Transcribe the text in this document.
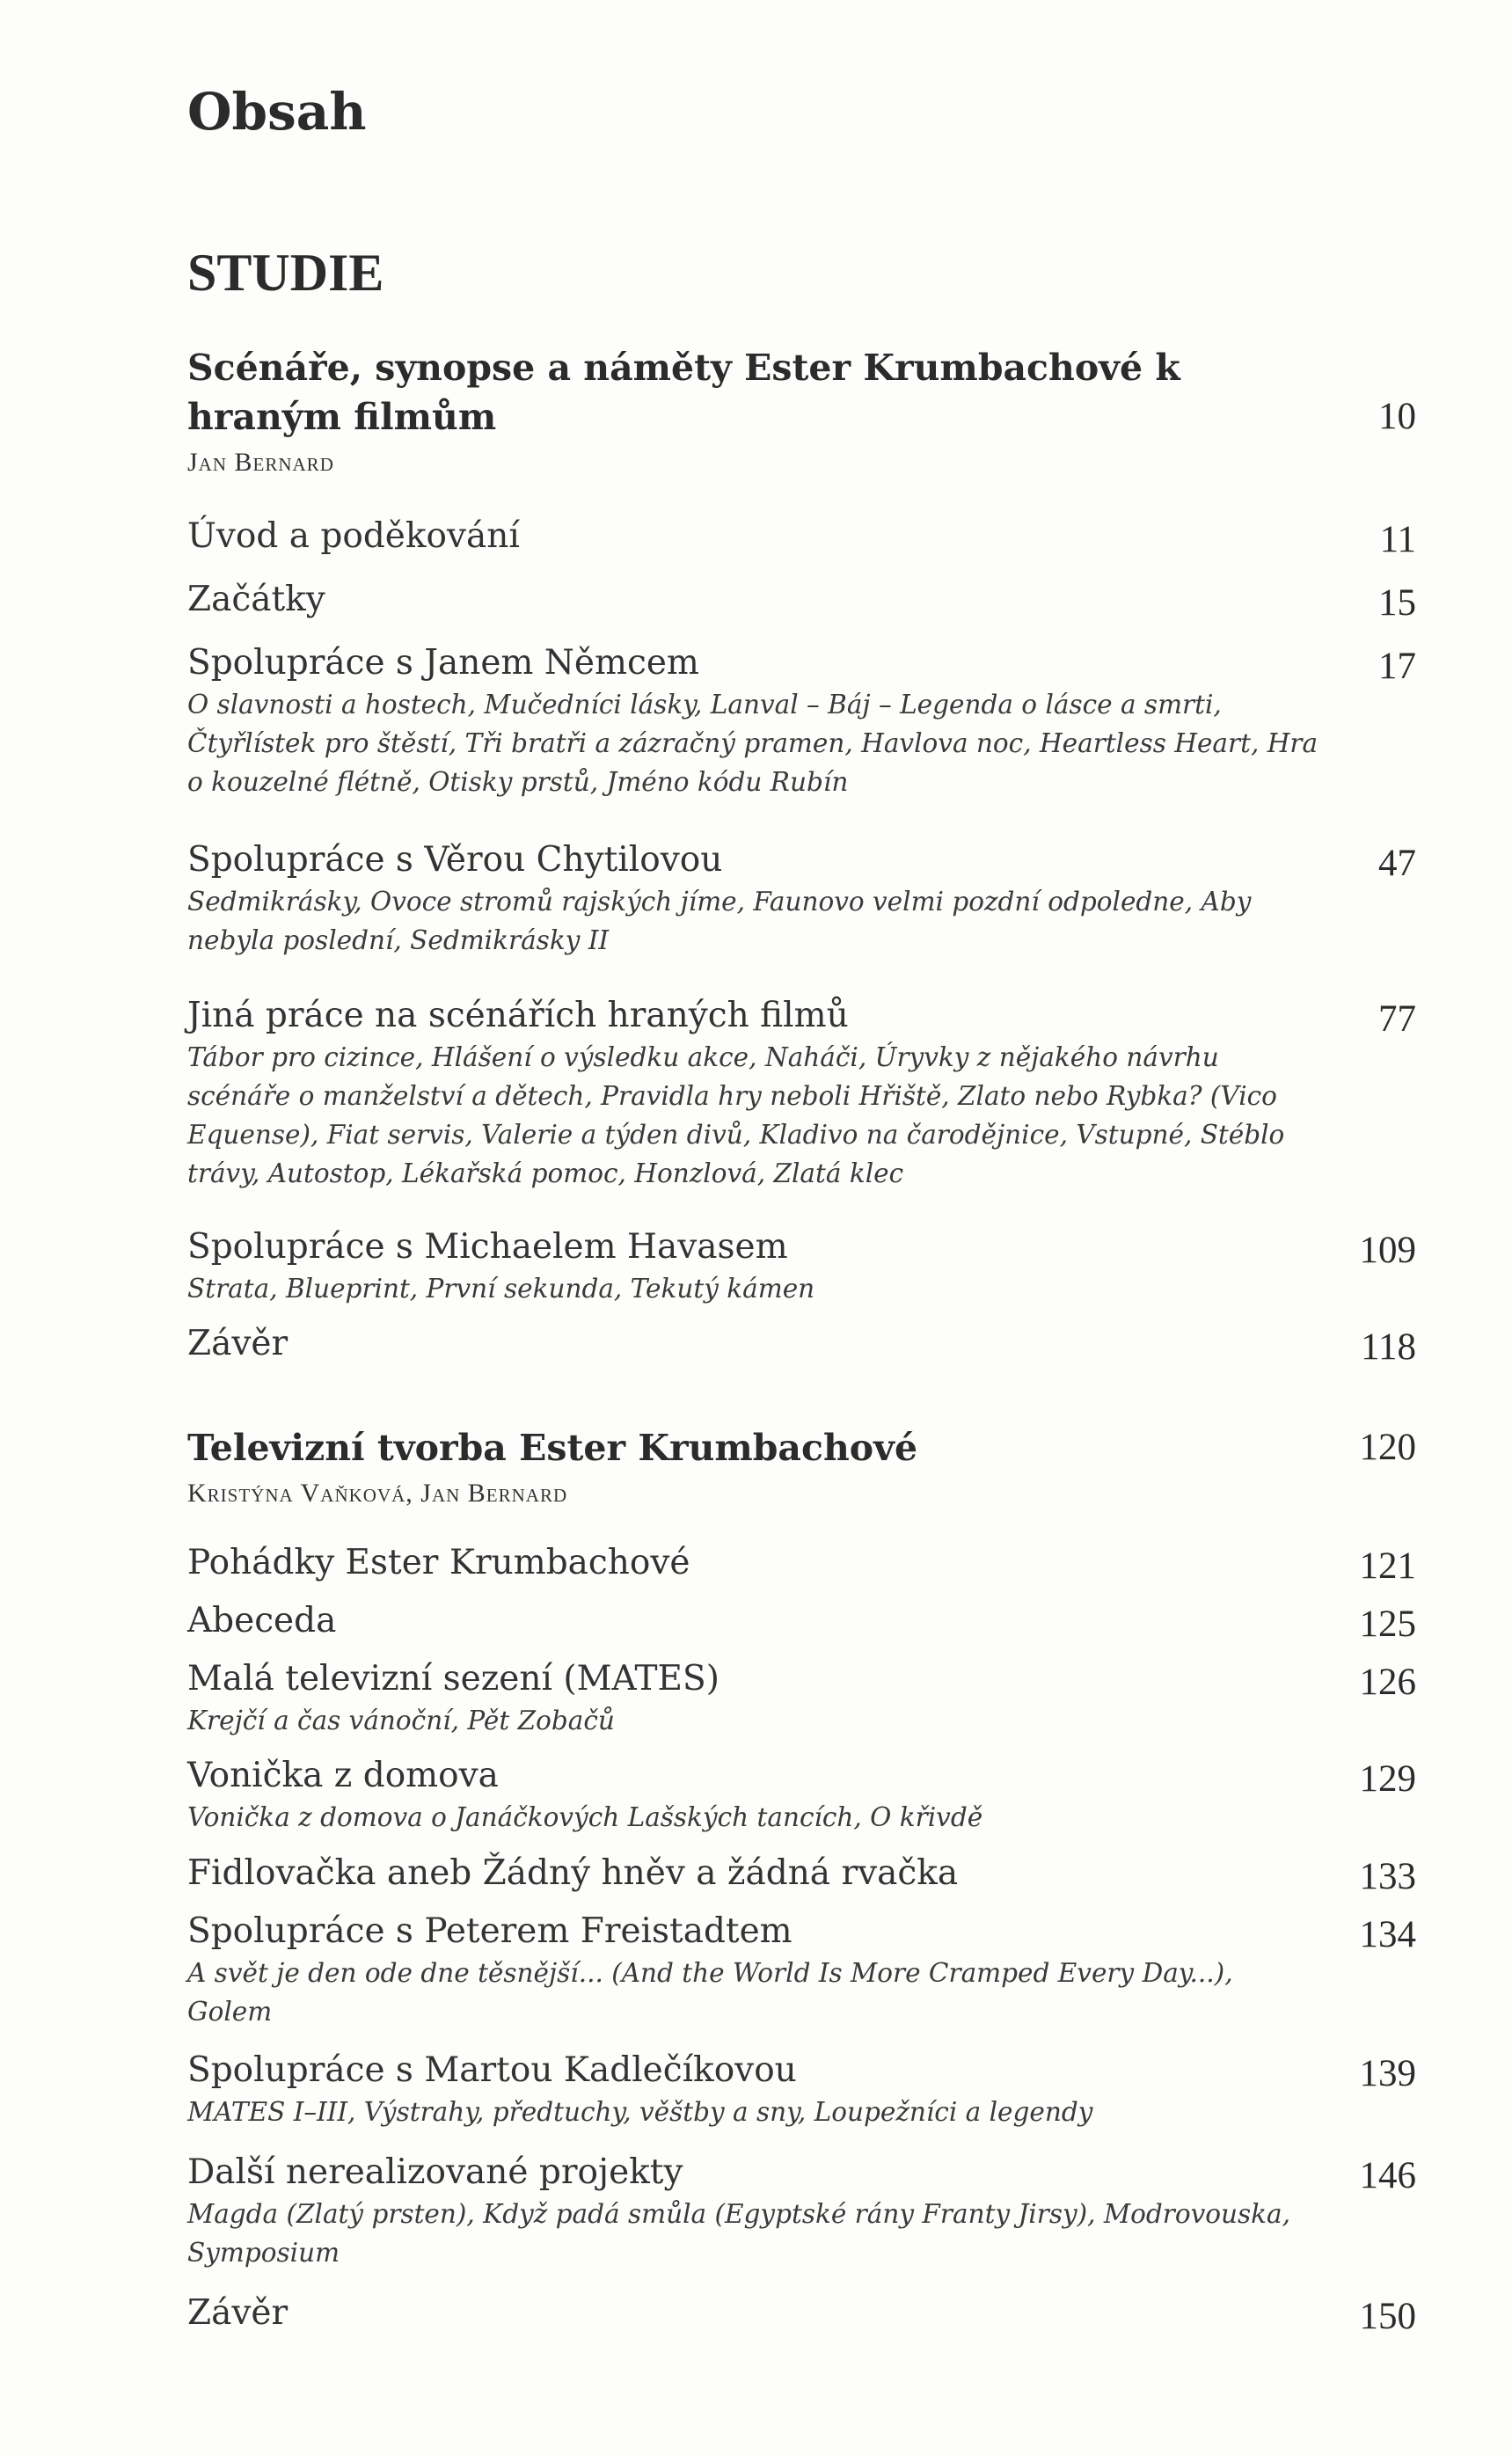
Obsah
STUDIE
Scénáře, synopse a náměty Ester Krumbachové k hraným filmům	10
Jan Bernard
Úvod a poděkování	11
Začátky	15
Spolupráce s Janem Němcem	17
O slavnosti a hostech, Mučedníci lásky, Lanval – Báj – Legenda o lásce a smrti, Čtyřlístek pro štěstí, Tři bratři a zázračný pramen, Havlova noc, Heartless Heart, Hra o kouzelné flétně, Otisky prstů, Jméno kódu Rubín
Spolupráce s Věrou Chytilovou	47
Sedmikrásky, Ovoce stromů rajských jíme, Faunovo velmi pozdní odpoledne, Aby nebyla poslední, Sedmikrásky II
Jiná práce na scénářích hraných filmů	77
Tábor pro cizince, Hlášení o výsledku akce, Naháči, Úryvky z nějakého návrhu scénáře o manželství a dětech, Pravidla hry neboli Hřiště, Zlato nebo Rybka? (Vico Equense), Fiat servis, Valerie a týden divů, Kladivo na čarodějnice, Vstupné, Stéblo trávy, Autostop, Lékařská pomoc, Honzlová, Zlatá klec
Spolupráce s Michaelem Havasem	109
Strata, Blueprint, První sekunda, Tekutý kámen
Závěr	118
Televizní tvorba Ester Krumbachové	120
Kristýna Vaňková, Jan Bernard
Pohádky Ester Krumbachové	121
Abeceda	125
Malá televizní sezení (MATES)	126
Krejčí a čas vánoční, Pět Zobačů
Vonička z domova	129
Vonička z domova o Janáčkových Lašských tancích, O křivdě
Fidlovačka aneb Žádný hněv a žádná rvačka	133
Spolupráce s Peterem Freistadtem	134
A svět je den ode dne těsnější... (And the World Is More Cramped Every Day...), Golem
Spolupráce s Martou Kadlečíkovou	139
MATES I–III, Výstrahy, předtuchy, věštby a sny, Loupežníci a legendy
Další nerealizované projekty	146
Magda (Zlatý prsten), Když padá smůla (Egyptské rány Franty Jirsy), Modrovouska, Symposium
Závěr	150
